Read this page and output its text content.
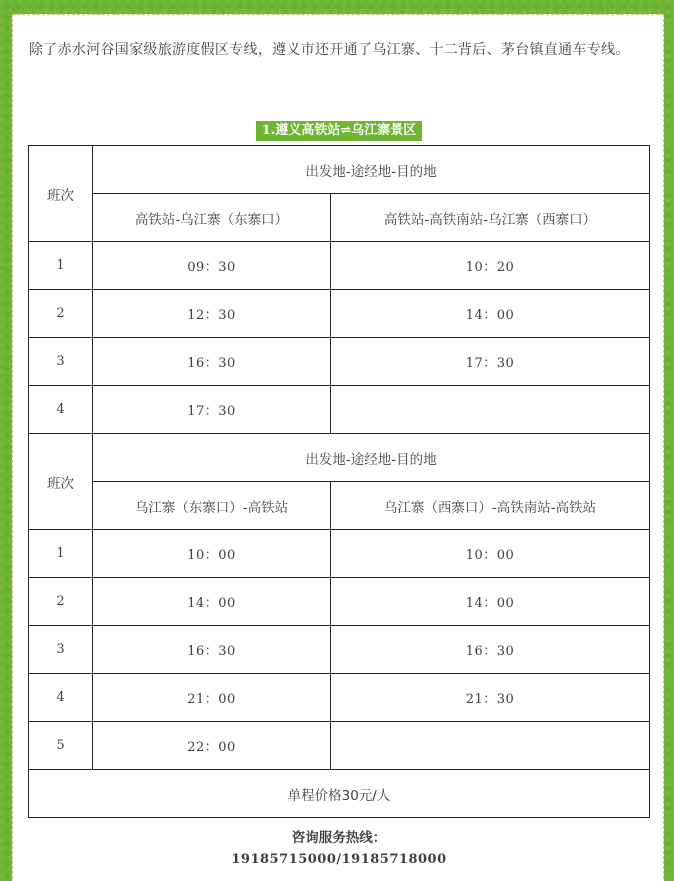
除了赤水河谷国家级旅游度假区专线，遵义市还开通了乌江寨、十二背后、茅台镇直通车专线。

1.遵义高铁站⇌乌江寨景区
班次	出发地-途经地-目的地	
	高铁站-乌江寨（东寨口）	高铁站-高铁南站-乌江寨（西寨口）
1	09：30	10：20
2	12：30	14：00
3	16：30	17：30
4	17：30	
班次	出发地-途经地-目的地	
	乌江寨（东寨口）-高铁站	乌江寨（西寨口）-高铁南站-高铁站
1	10：00	10：00
2	14：00	14：00
3	16：30	16：30
4	21：00	21：30
5	22：00	
单程价格30元/人		
咨询服务热线：
19185715000/19185718000
